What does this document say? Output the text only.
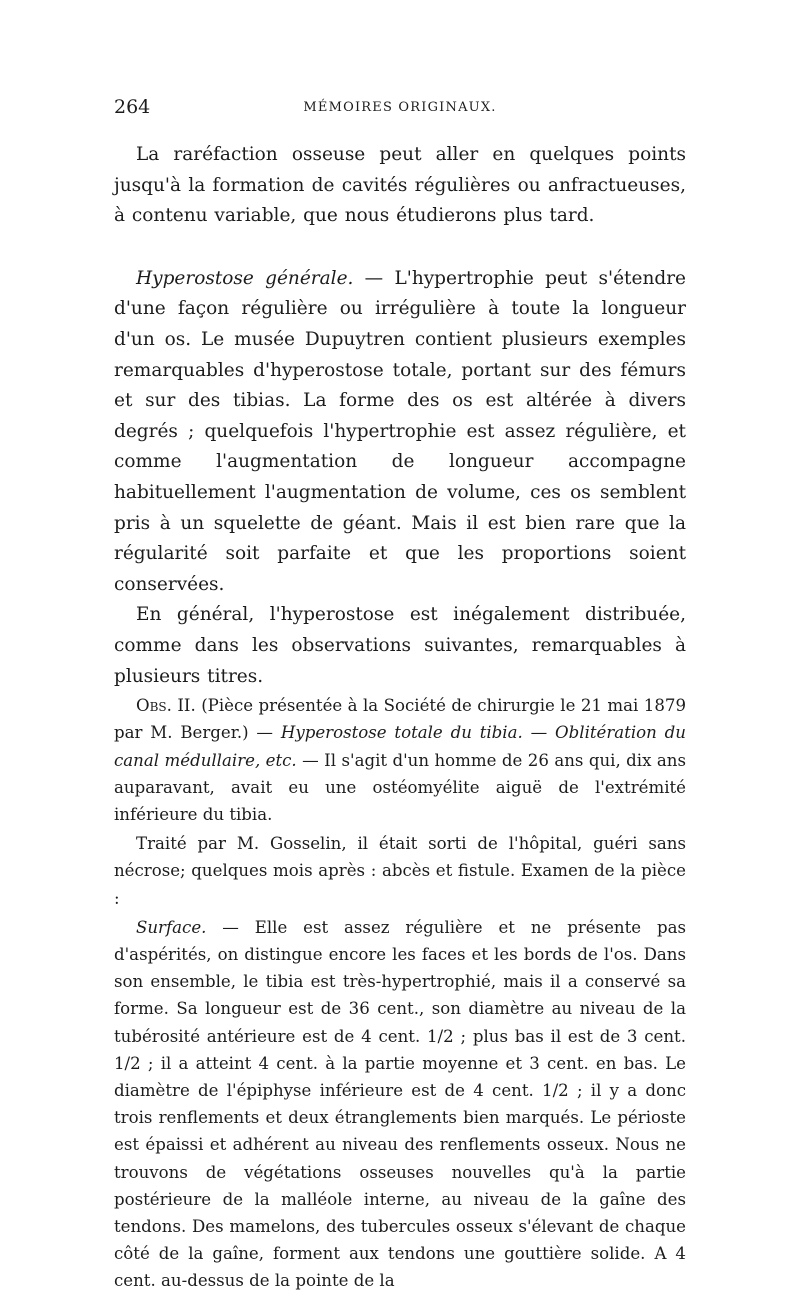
264	MÉMOIRES ORIGINAUX.

La raréfaction osseuse peut aller en quelques points jusqu'à la formation de cavités régulières ou anfractueuses, à contenu variable, que nous étudierons plus tard.

Hyperostose générale. — L'hypertrophie peut s'étendre d'une façon régulière ou irrégulière à toute la longueur d'un os. Le musée Dupuytren contient plusieurs exemples remarquables d'hyperostose totale, portant sur des fémurs et sur des tibias. La forme des os est altérée à divers degrés ; quelquefois l'hypertrophie est assez régulière, et comme l'augmentation de longueur accompagne habituellement l'augmentation de volume, ces os semblent pris à un squelette de géant. Mais il est bien rare que la régularité soit parfaite et que les proportions soient conservées.

En général, l'hyperostose est inégalement distribuée, comme dans les observations suivantes, remarquables à plusieurs titres.

Obs. II. (Pièce présentée à la Société de chirurgie le 21 mai 1879 par M. Berger.) — Hyperostose totale du tibia. — Oblitération du canal médullaire, etc. — Il s'agit d'un homme de 26 ans qui, dix ans auparavant, avait eu une ostéomyélite aiguë de l'extrémité inférieure du tibia.

Traité par M. Gosselin, il était sorti de l'hôpital, guéri sans nécrose; quelques mois après : abcès et fistule. Examen de la pièce :

Surface. — Elle est assez régulière et ne présente pas d'aspérités, on distingue encore les faces et les bords de l'os. Dans son ensemble, le tibia est très-hypertrophié, mais il a conservé sa forme. Sa longueur est de 36 cent., son diamètre au niveau de la tubérosité antérieure est de 4 cent. 1/2 ; plus bas il est de 3 cent. 1/2 ; il a atteint 4 cent. à la partie moyenne et 3 cent. en bas. Le diamètre de l'épiphyse inférieure est de 4 cent. 1/2 ; il y a donc trois renflements et deux étranglements bien marqués. Le périoste est épaissi et adhérent au niveau des renflements osseux. Nous ne trouvons de végétations osseuses nouvelles qu'à la partie postérieure de la malléole interne, au niveau de la gaîne des tendons. Des mamelons, des tubercules osseux s'élevant de chaque côté de la gaîne, forment aux tendons une gouttière solide. A 4 cent. au-dessus de la pointe de la
